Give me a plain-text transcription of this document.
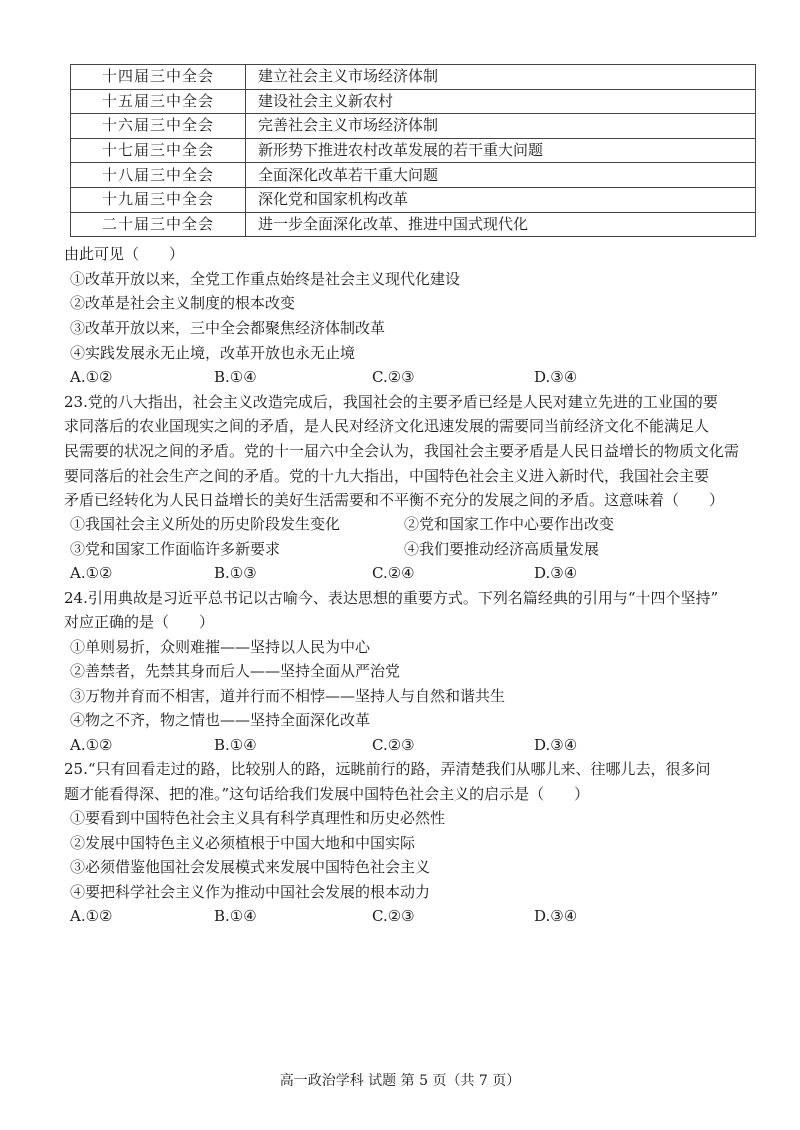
十四届三中全会	建立社会主义市场经济体制
十五届三中全会	建设社会主义新农村
十六届三中全会	完善社会主义市场经济体制
十七届三中全会	新形势下推进农村改革发展的若干重大问题
十八届三中全会	全面深化改革若干重大问题
十九届三中全会	深化党和国家机构改革
二十届三中全会	进一步全面深化改革、推进中国式现代化
由此可见（　　）
①改革开放以来，全党工作重点始终是社会主义现代化建设
②改革是社会主义制度的根本改变
③改革开放以来，三中全会都聚焦经济体制改革
④实践发展永无止境，改革开放也永无止境
A.①②	B.①④	C.②③	D.③④
23.党的八大指出，社会主义改造完成后，我国社会的主要矛盾已经是人民对建立先进的工业国的要
求同落后的农业国现实之间的矛盾，是人民对经济文化迅速发展的需要同当前经济文化不能满足人
民需要的状况之间的矛盾。党的十一届六中全会认为，我国社会主要矛盾是人民日益增长的物质文化需
要同落后的社会生产之间的矛盾。党的十九大指出，中国特色社会主义进入新时代，我国社会主要
矛盾已经转化为人民日益增长的美好生活需要和不平衡不充分的发展之间的矛盾。这意味着（　　）
①我国社会主义所处的历史阶段发生变化	②党和国家工作中心要作出改变
③党和国家工作面临许多新要求	④我们要推动经济高质量发展
A.①②	B.①③	C.②④	D.③④
24.引用典故是习近平总书记以古喻今、表达思想的重要方式。下列名篇经典的引用与“十四个坚持”
对应正确的是（　　）
①单则易折，众则难摧——坚持以人民为中心
②善禁者，先禁其身而后人——坚持全面从严治党
③万物并育而不相害，道并行而不相悖——坚持人与自然和谐共生
④物之不齐，物之情也——坚持全面深化改革
A.①②	B.①④	C.②③	D.③④
25.“只有回看走过的路，比较别人的路，远眺前行的路，弄清楚我们从哪儿来、往哪儿去，很多问
题才能看得深、把的准。”这句话给我们发展中国特色社会主义的启示是（　　）
①要看到中国特色社会主义具有科学真理性和历史必然性
②发展中国特色主义必须植根于中国大地和中国实际
③必须借鉴他国社会发展模式来发展中国特色社会主义
④要把科学社会主义作为推动中国社会发展的根本动力
A.①②	B.①④	C.②③	D.③④
高一政治学科 试题 第 5 页（共 7 页）
